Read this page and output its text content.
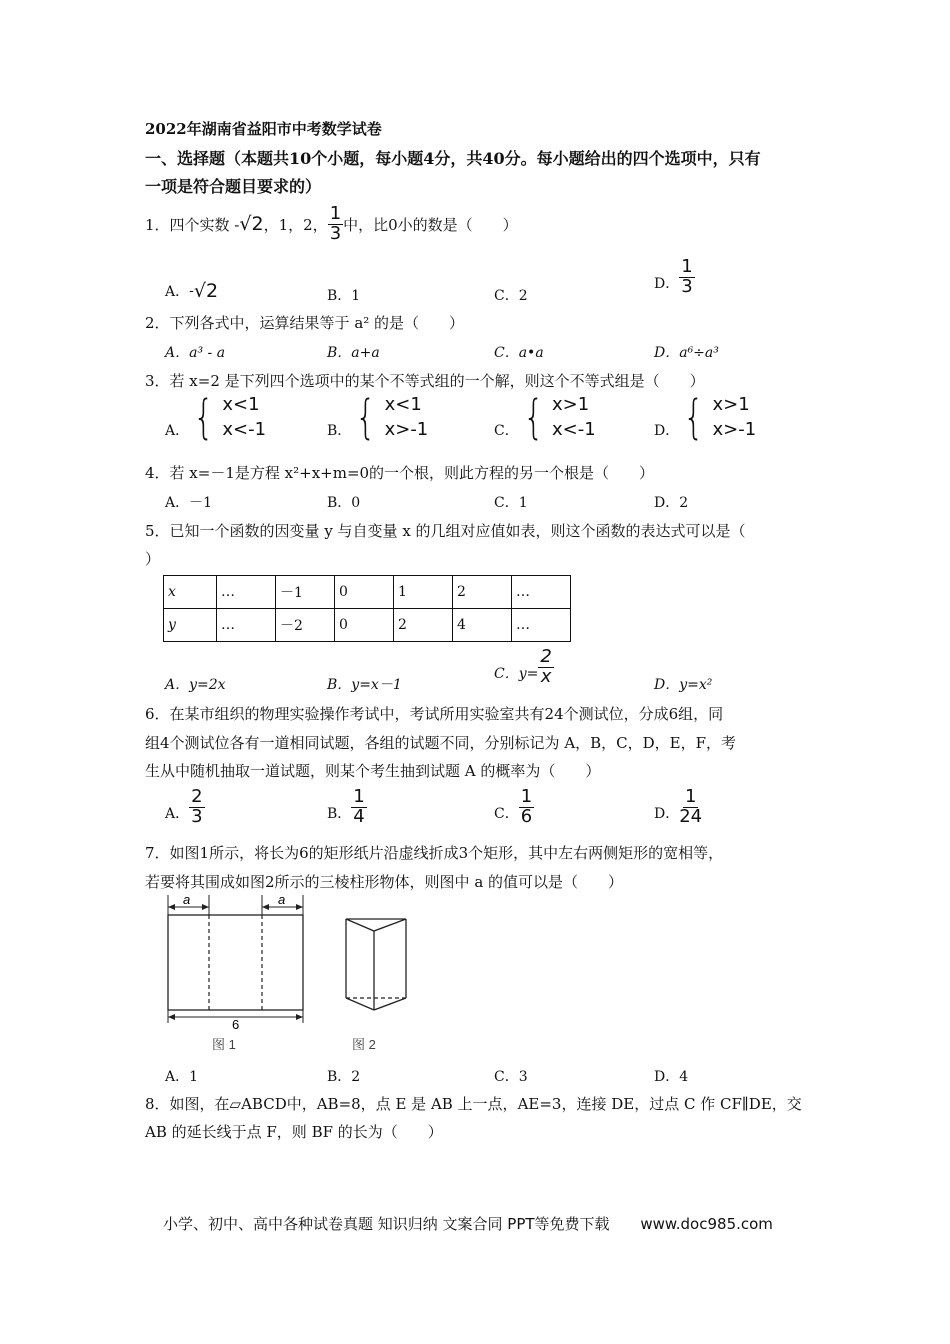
2022年湖南省益阳市中考数学试卷
一、选择题（本题共10个小题，每小题4分，共40分。每小题给出的四个选项中，只有
一项是符合题目要求的）
1．四个实数 - √2 ，1，2， $\frac{1}{3}$ 中，比0小的数是（　　）
A． - √2	B．1	C．2
D． $\frac{1}{3}$
2．下列各式中，运算结果等于 a² 的是（　　）
A．a³ - a	B．a+a	C．a•a	D．a⁶÷a³
3．若 x=2 是下列四个选项中的某个不等式组的一个解，则这个不等式组是（　　）
A． { x<1
x<-1	B． { x<1
x>-1	C． { x>1
x<-1	D． { x>1
x>-1
4．若 x=－1是方程 x²+x+m=0的一个根，则此方程的另一个根是（　　）
A．－1	B．0	C．1	D．2
5．已知一个函数的因变量 y 与自变量 x 的几组对应值如表，则这个函数的表达式可以是（
）
x	…	－1	0	1	2	…
y	…	－2	0	2	4	…
A．y=2x	B．y=x－1
C．$y= \frac{2}{x}$	D．y=x²
6．在某市组织的物理实验操作考试中，考试所用实验室共有24个测试位，分成6组，同
组4个测试位各有一道相同试题，各组的试题不同，分别标记为 A，B，C，D，E，F，考
生从中随机抽取一道试题，则某个考生抽到试题 A 的概率为（　　）
A． $\frac{2}{3}$	B． $\frac{1}{4}$	C． $\frac{1}{6}$	D． $\frac{1}{24}$
7．如图1所示，将长为6的矩形纸片沿虚线折成3个矩形，其中左右两侧矩形的宽相等，
若要将其围成如图2所示的三棱柱形物体，则图中 a 的值可以是（　　）
a	a
6
图 1	图 2
A．1	B．2	C．3	D．4
8．如图，在▱ABCD中，AB=8，点 E 是 AB 上一点，AE=3，连接 DE，过点 C 作 CF∥DE，交
AB 的延长线于点 F，则 BF 的长为（　　）
小学、初中、高中各种试卷真题 知识归纳 文案合同 PPT等免费下载 www.doc985.com
